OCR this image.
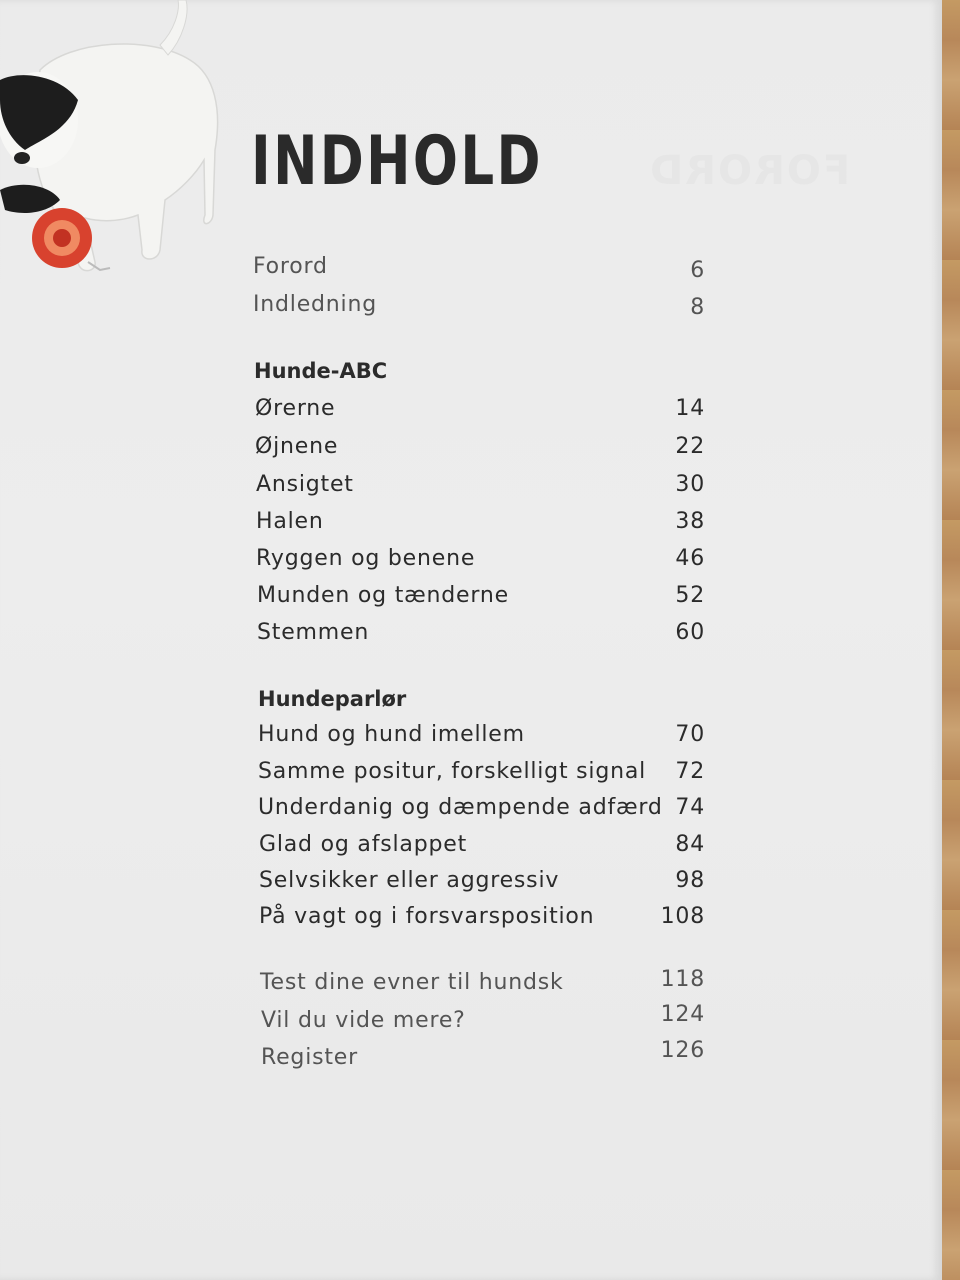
FORORD
INDHOLD
Forord	6
Indledning	8
Hunde-ABC
Ørerne	14
Øjnene	22
Ansigtet	30
Halen	38
Ryggen og benene	46
Munden og tænderne	52
Stemmen	60
Hundeparlør
Hund og hund imellem	70
Samme positur, forskelligt signal	72
Underdanig og dæmpende adfærd 74
Glad og afslappet	84
Selvsikker eller aggressiv	98
På vagt og i forsvarsposition	108
Test dine evner til hundsk	118
Vil du vide mere?	124
Register	126
